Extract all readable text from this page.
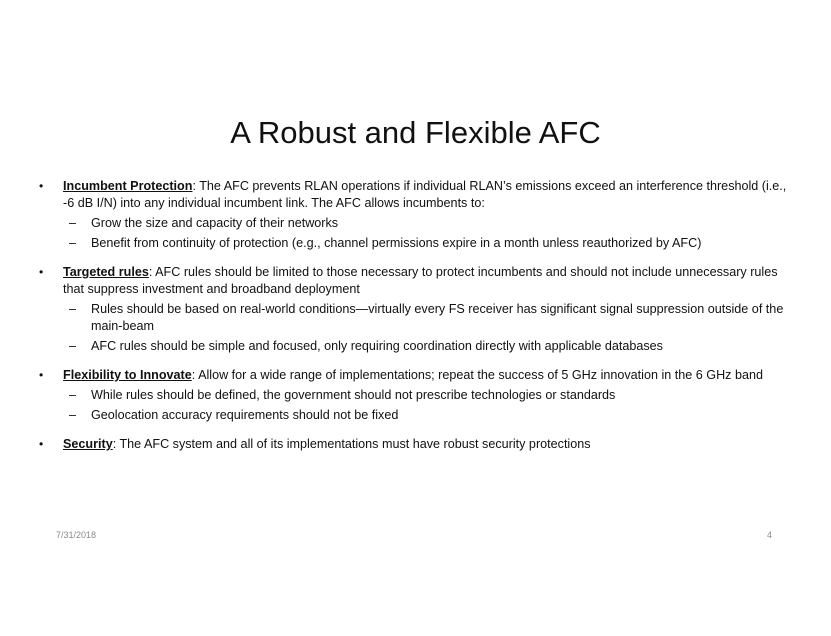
A Robust and Flexible AFC
• Incumbent Protection: The AFC prevents RLAN operations if individual RLAN’s emissions exceed an interference threshold (i.e., -6 dB I/N) into any individual incumbent link. The AFC allows incumbents to:
– Grow the size and capacity of their networks
– Benefit from continuity of protection (e.g., channel permissions expire in a month unless reauthorized by AFC)
• Targeted rules: AFC rules should be limited to those necessary to protect incumbents and should not include unnecessary rules that suppress investment and broadband deployment
– Rules should be based on real-world conditions—virtually every FS receiver has significant signal suppression outside of the main-beam
– AFC rules should be simple and focused, only requiring coordination directly with applicable databases
• Flexibility to Innovate: Allow for a wide range of implementations; repeat the success of 5 GHz innovation in the 6 GHz band
– While rules should be defined, the government should not prescribe technologies or standards
– Geolocation accuracy requirements should not be fixed
• Security: The AFC system and all of its implementations must have robust security protections
7/31/2018	4
